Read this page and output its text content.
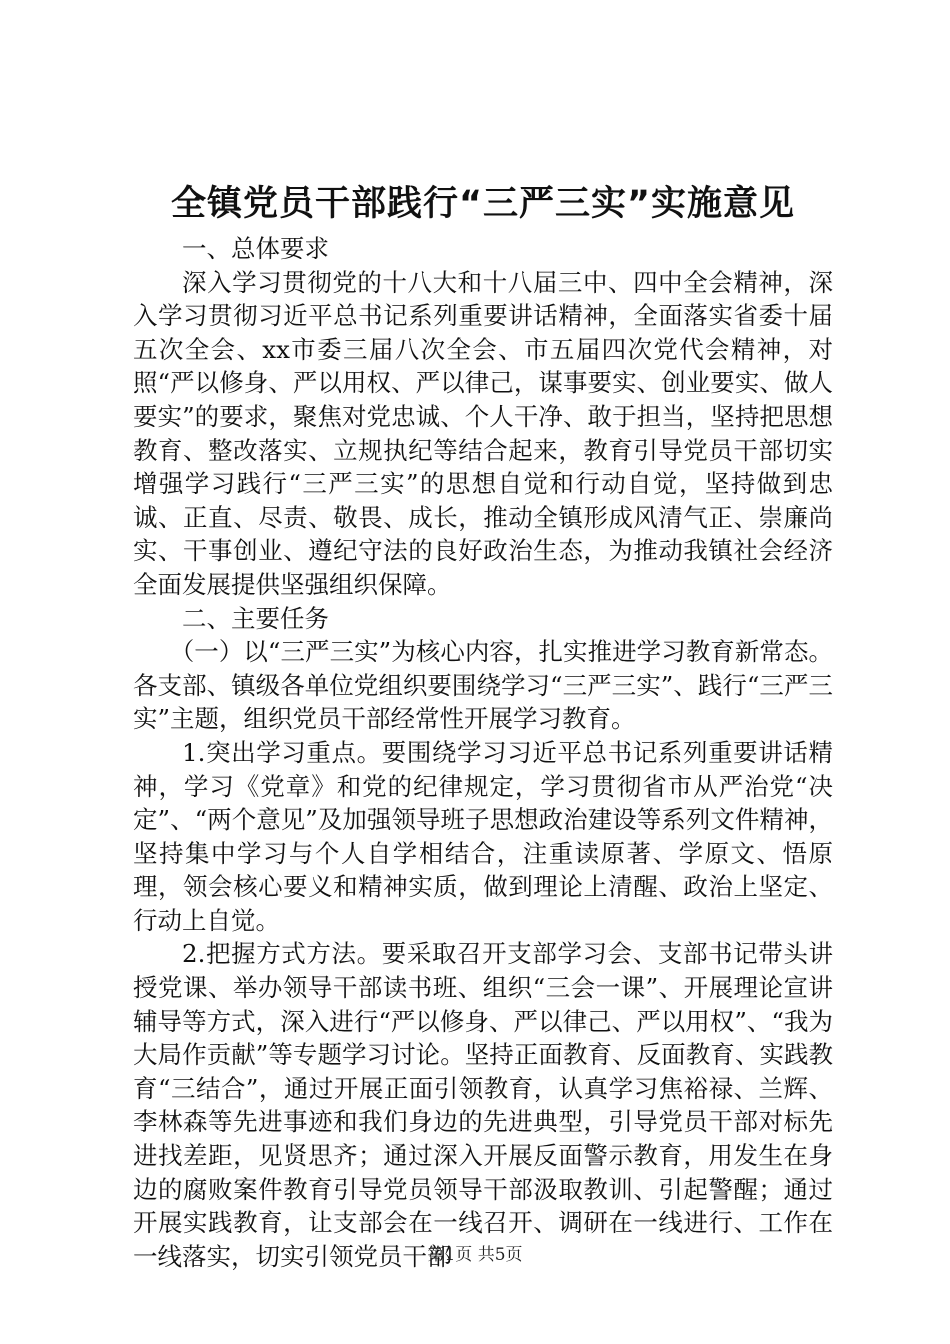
全镇党员干部践行“三严三实”实施意见

一、总体要求

深入学习贯彻党的十八大和十八届三中、四中全会精神，深入学习贯彻习近平总书记系列重要讲话精神，全面落实省委十届五次全会、xx市委三届八次全会、市五届四次党代会精神，对照“严以修身、严以用权、严以律己，谋事要实、创业要实、做人要实”的要求，聚焦对党忠诚、个人干净、敢于担当，坚持把思想教育、整改落实、立规执纪等结合起来，教育引导党员干部切实增强学习践行“三严三实”的思想自觉和行动自觉，坚持做到忠诚、正直、尽责、敬畏、成长，推动全镇形成风清气正、崇廉尚实、干事创业、遵纪守法的良好政治生态，为推动我镇社会经济全面发展提供坚强组织保障。

二、主要任务

（一）以“三严三实”为核心内容，扎实推进学习教育新常态。各支部、镇级各单位党组织要围绕学习“三严三实”、践行“三严三实”主题，组织党员干部经常性开展学习教育。

1.突出学习重点。要围绕学习习近平总书记系列重要讲话精神，学习《党章》和党的纪律规定，学习贯彻省市从严治党“决定”、“两个意见”及加强领导班子思想政治建设等系列文件精神，坚持集中学习与个人自学相结合，注重读原著、学原文、悟原理，领会核心要义和精神实质，做到理论上清醒、政治上坚定、行动上自觉。

2.把握方式方法。要采取召开支部学习会、支部书记带头讲授党课、举办领导干部读书班、组织“三会一课”、开展理论宣讲辅导等方式，深入进行“严以修身、严以律己、严以用权”、“我为大局作贡献”等专题学习讨论。坚持正面教育、反面教育、实践教育“三结合”，通过开展正面引领教育，认真学习焦裕禄、兰辉、李林森等先进事迹和我们身边的先进典型，引导党员干部对标先进找差距，见贤思齐；通过深入开展反面警示教育，用发生在身边的腐败案件教育引导党员领导干部汲取教训、引起警醒；通过开展实践教育，让支部会在一线召开、调研在一线进行、工作在一线落实，切实引领党员干部

第1页 共5页
